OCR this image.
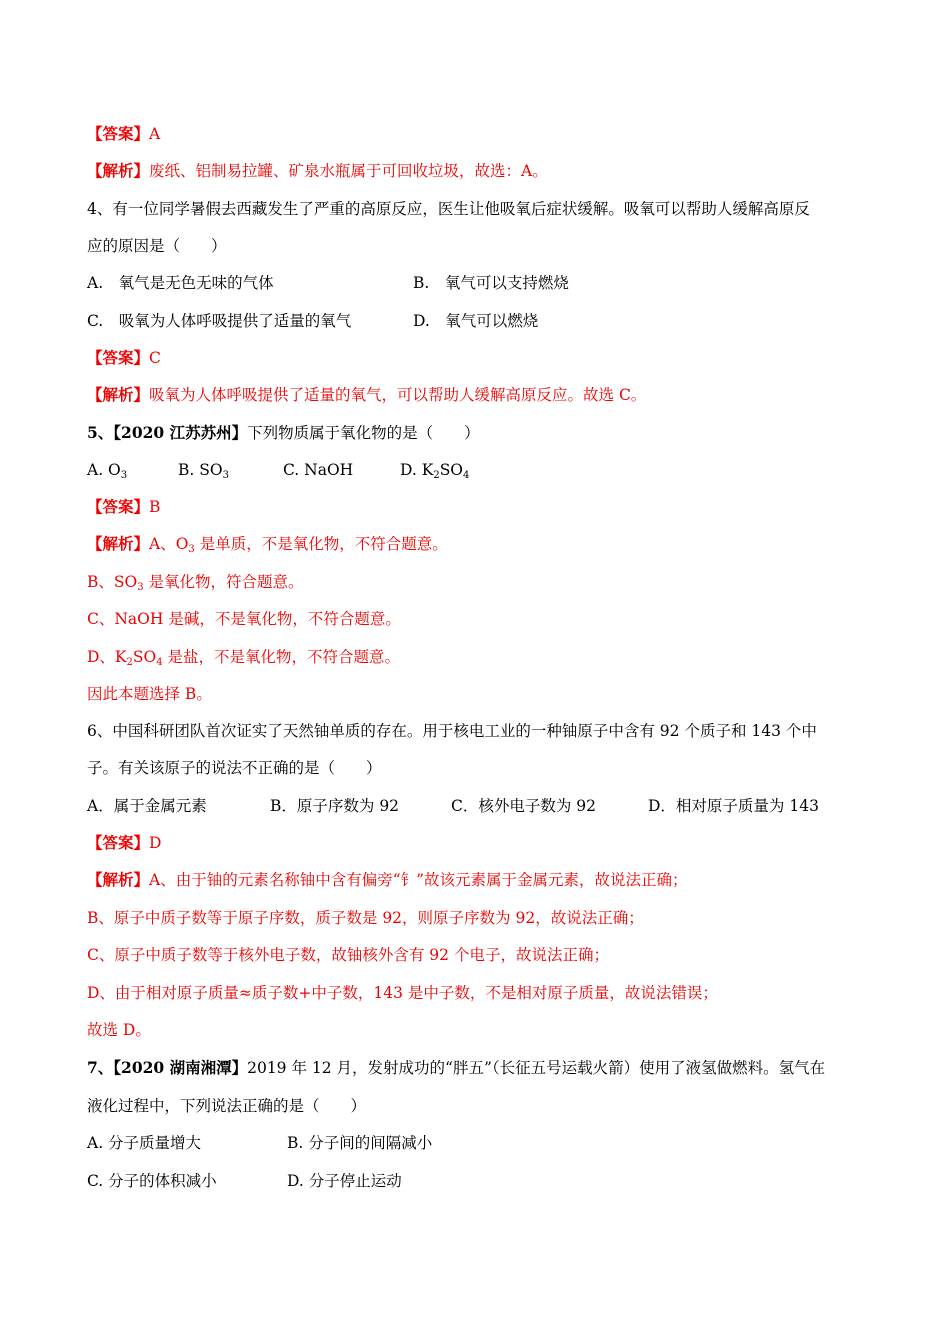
【答案】A
【解析】废纸、铝制易拉罐、矿泉水瓶属于可回收垃圾，故选：A。
4、有一位同学暑假去西藏发生了严重的高原反应，医生让他吸氧后症状缓解。吸氧可以帮助人缓解高原反
应的原因是（　　）
A.　氧气是无色无味的气体	B.　氧气可以支持燃烧
C.　吸氧为人体呼吸提供了适量的氧气	D.　氧气可以燃烧
【答案】C
【解析】吸氧为人体呼吸提供了适量的氧气，可以帮助人缓解高原反应。故选 C。
5、【2020 江苏苏州】下列物质属于氧化物的是（　　）
A. $O_3$	B. $SO_3$	C. NaOH	D. $K_2SO_4$
【答案】B
【解析】A、$O_3$ 是单质，不是氧化物，不符合题意。
B、$SO_3$ 是氧化物，符合题意。
C、NaOH 是碱，不是氧化物，不符合题意。
D、$K_2SO_4$ 是盐，不是氧化物，不符合题意。
因此本题选择 B。
6、中国科研团队首次证实了天然铀单质的存在。用于核电工业的一种铀原子中含有 92 个质子和 143 个中
子。有关该原子的说法不正确的是（　　）
A．属于金属元素	B．原子序数为 92	C．核外电子数为 92	D．相对原子质量为 143
【答案】D
【解析】A、由于铀的元素名称铀中含有偏旁“钅”故该元素属于金属元素，故说法正确；
B、原子中质子数等于原子序数，质子数是 92，则原子序数为 92，故说法正确；
C、原子中质子数等于核外电子数，故铀核外含有 92 个电子，故说法正确；
D、由于相对原子质量≈质子数+中子数，143 是中子数，不是相对原子质量，故说法错误；
故选 D。
7、【2020 湖南湘潭】2019 年 12 月，发射成功的“胖五”（长征五号运载火箭）使用了液氢做燃料。氢气在
液化过程中，下列说法正确的是（　　）
A. 分子质量增大	B. 分子间的间隔减小
C. 分子的体积减小	D. 分子停止运动
